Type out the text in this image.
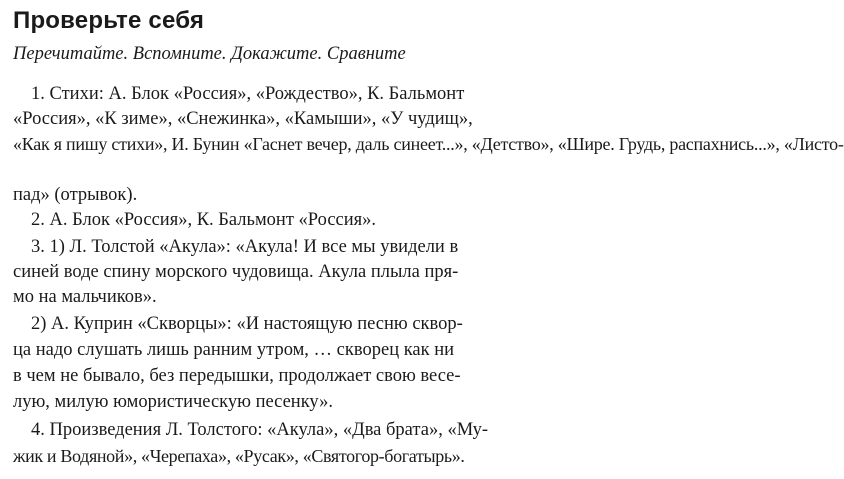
Проверьте себя
Перечитайте. Вспомните. Докажите. Сравните
1. Стихи: А. Блок «Россия», «Рождество», К. Бальмонт
«Россия», «К зиме», «Снежинка», «Камыши», «У чудищ»,
«Как я пишу стихи», И. Бунин «Гаснет вечер, даль синеет...», «Детство», «Шире. Грудь, распахнись...», «Листо-
пад» (отрывок).
2. А. Блок «Россия», К. Бальмонт «Россия».
3. 1) Л. Толстой «Акула»: «Акула! И все мы увидели в
синей воде спину морского чудовища. Акула плыла пря-
мо на мальчиков».
2) А. Куприн «Скворцы»: «И настоящую песню сквор-
ца надо слушать лишь ранним утром, … скворец как ни
в чем не бывало, без передышки, продолжает свою весе-
лую, милую юмористическую песенку».
4. Произведения Л. Толстого: «Акула», «Два брата», «Му-
жик и Водяной», «Черепаха», «Русак», «Святогор-богатырь».
